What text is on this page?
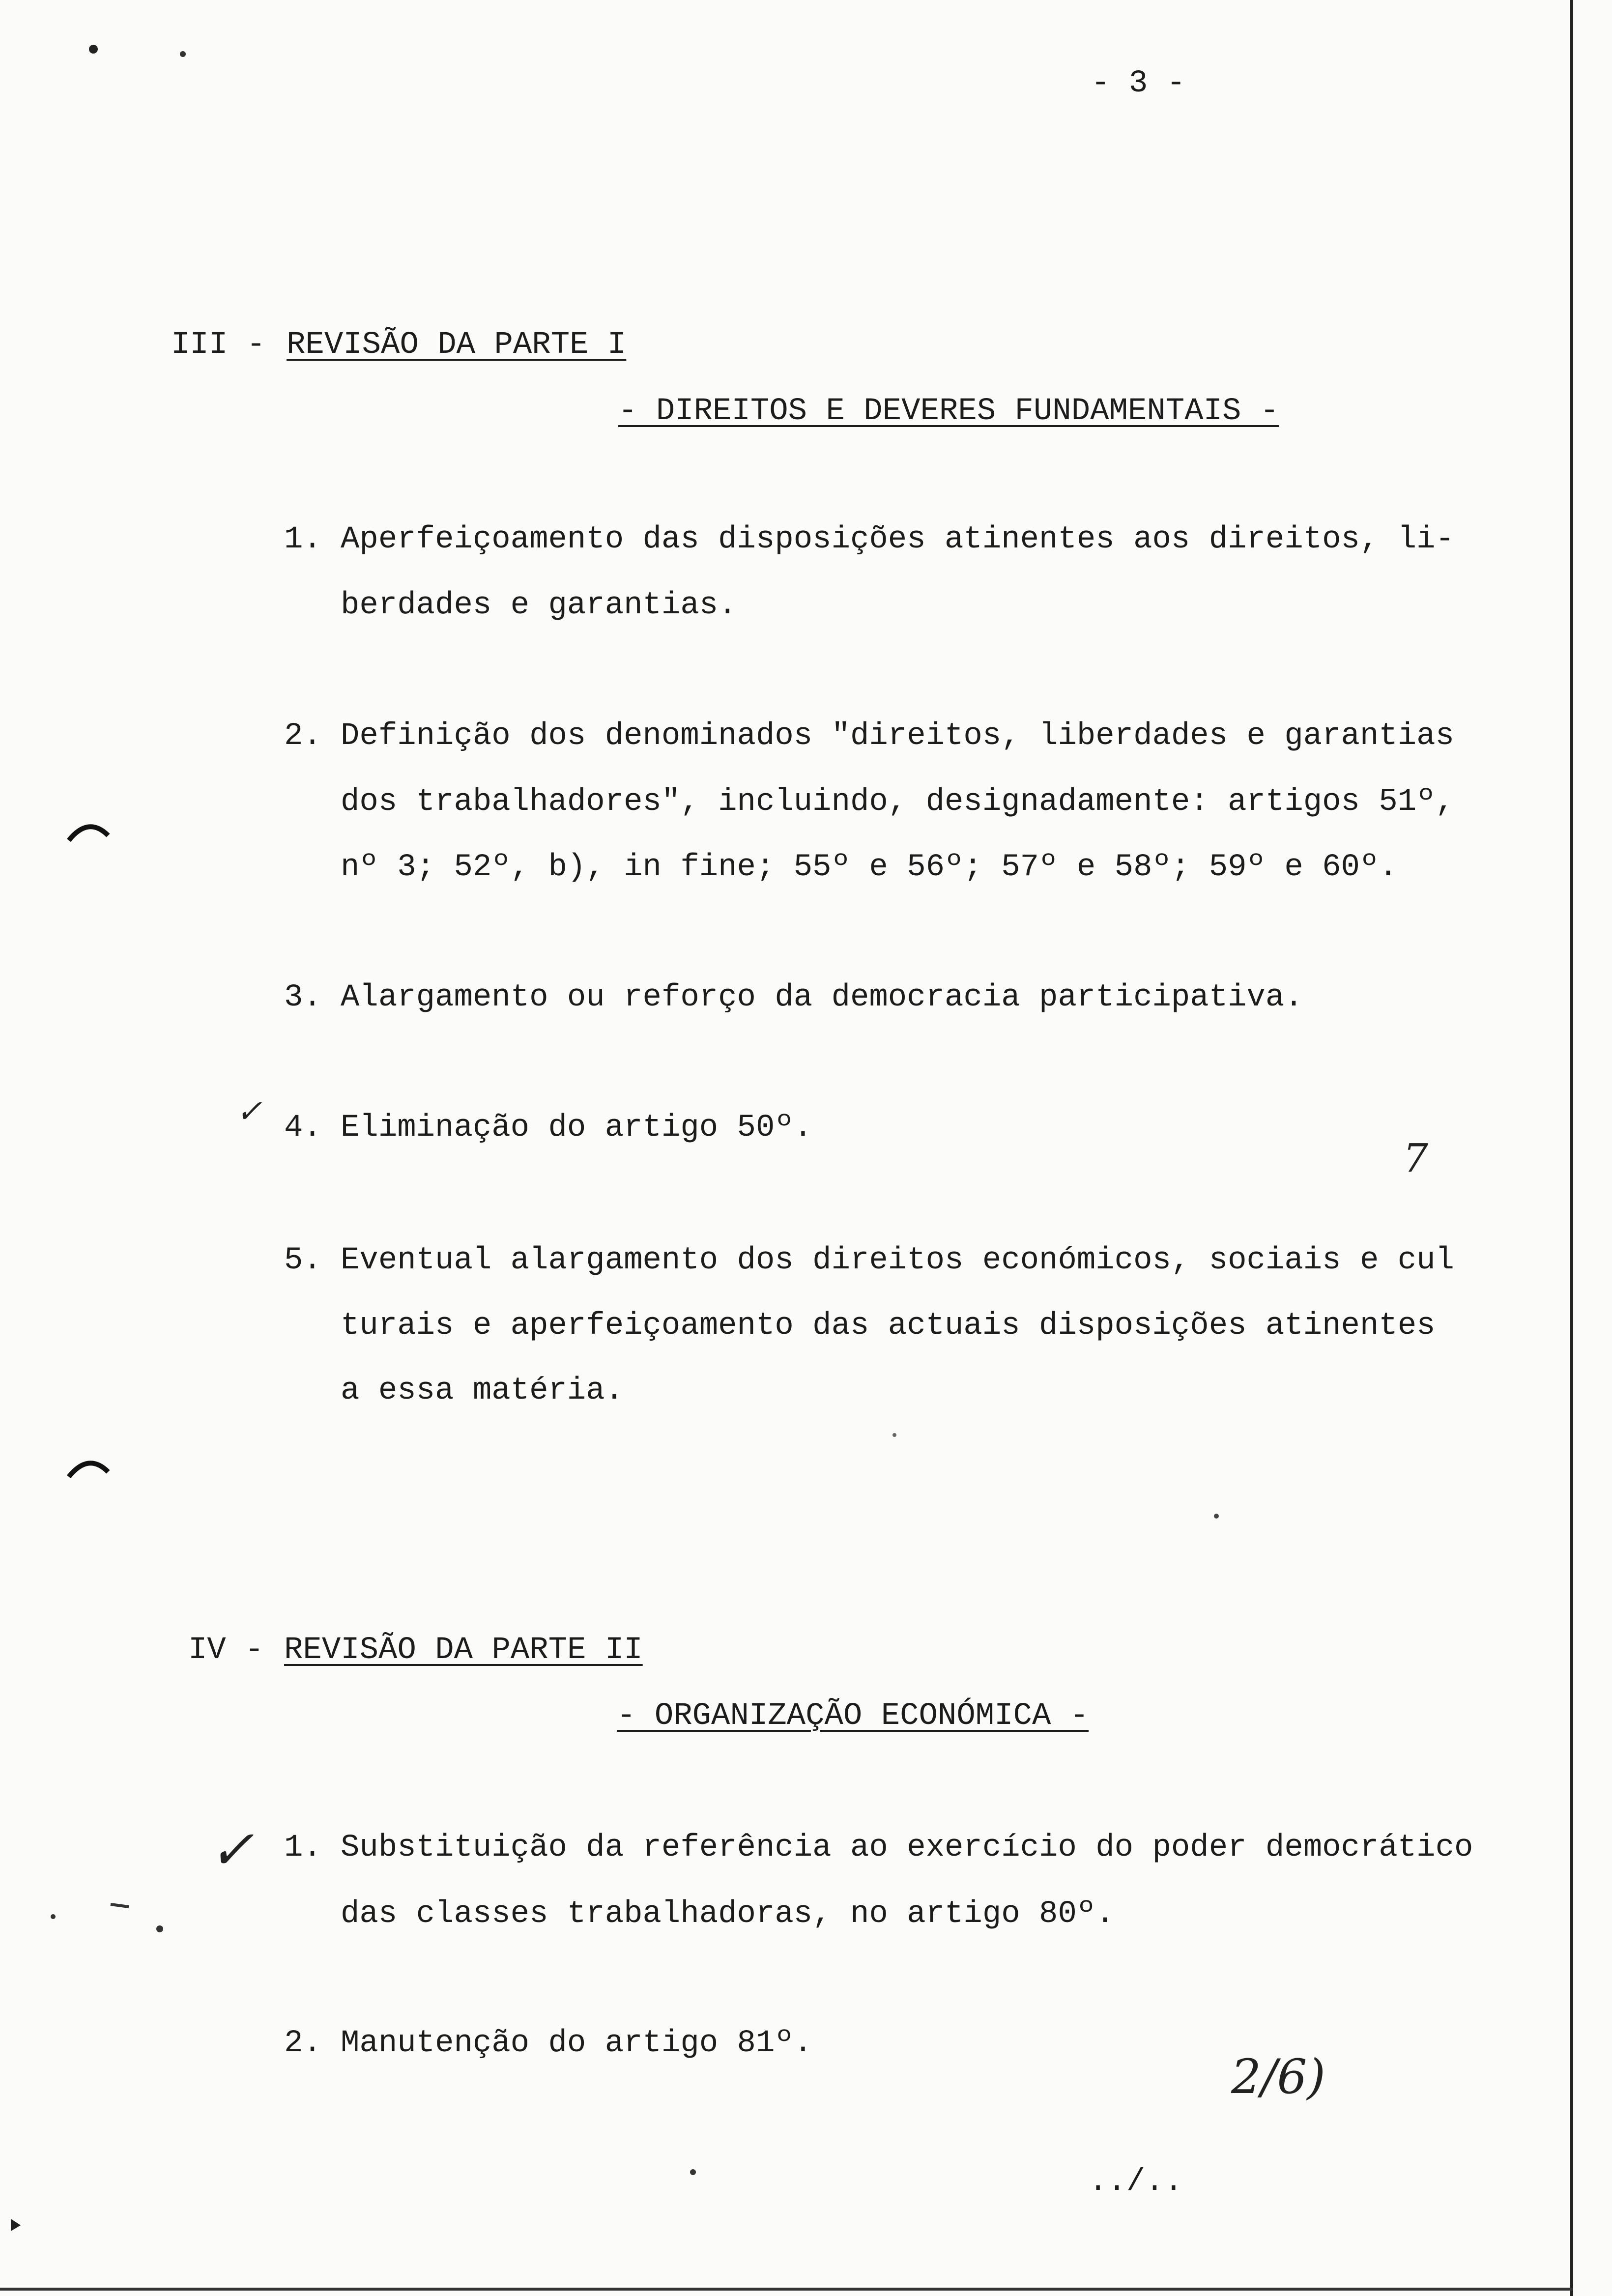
- 3 -
III - REVISÃO DA PARTE I
- DIREITOS E DEVERES FUNDAMENTAIS -
1. Aperfeiçoamento das disposições atinentes aos direitos, li-
berdades e garantias.
2. Definição dos denominados "direitos, liberdades e garantias
dos trabalhadores", incluindo, designadamente: artigos 51º,
nº 3; 52º, b), in fine; 55º e 56º; 57º e 58º; 59º e 60º.
3. Alargamento ou reforço da democracia participativa.
✓ 4. Eliminação do artigo 50º.
7
5. Eventual alargamento dos direitos económicos, sociais e cul
turais e aperfeiçoamento das actuais disposições atinentes
a essa matéria.
IV - REVISÃO DA PARTE II
- ORGANIZAÇÃO ECONÓMICA -
✓ 1. Substituição da referência ao exercício do poder democrático
das classes trabalhadoras, no artigo 80º.
2. Manutenção do artigo 81º.
2/6)
../..
